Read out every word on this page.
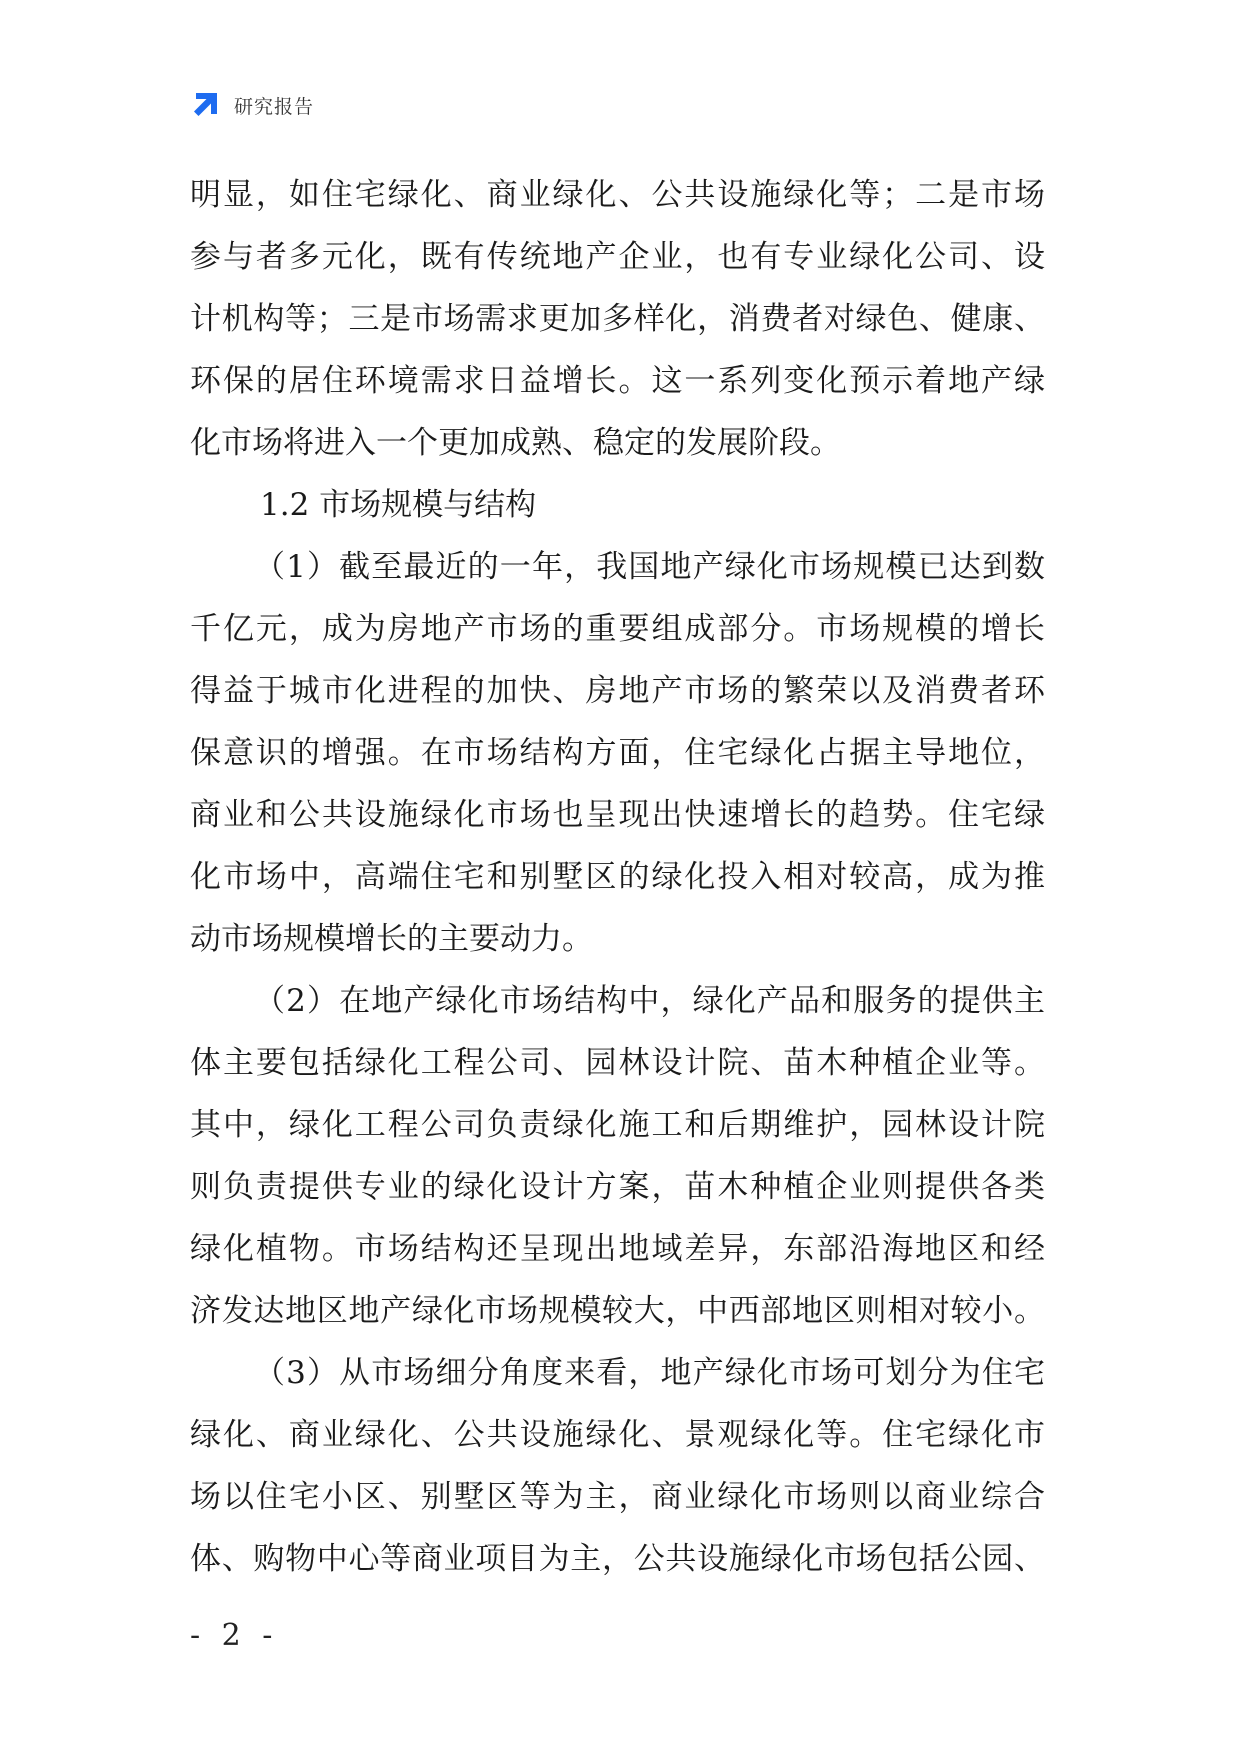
研究报告
明显，如住宅绿化、商业绿化、公共设施绿化等；二是市场
参与者多元化，既有传统地产企业，也有专业绿化公司、设
计机构等；三是市场需求更加多样化，消费者对绿色、健康、
环保的居住环境需求日益增长。这一系列变化预示着地产绿
化市场将进入一个更加成熟、稳定的发展阶段。
1.2 市场规模与结构
（1）截至最近的一年，我国地产绿化市场规模已达到数
千亿元，成为房地产市场的重要组成部分。市场规模的增长
得益于城市化进程的加快、房地产市场的繁荣以及消费者环
保意识的增强。在市场结构方面，住宅绿化占据主导地位，
商业和公共设施绿化市场也呈现出快速增长的趋势。住宅绿
化市场中，高端住宅和别墅区的绿化投入相对较高，成为推
动市场规模增长的主要动力。
（2）在地产绿化市场结构中，绿化产品和服务的提供主
体主要包括绿化工程公司、园林设计院、苗木种植企业等。
其中，绿化工程公司负责绿化施工和后期维护，园林设计院
则负责提供专业的绿化设计方案，苗木种植企业则提供各类
绿化植物。市场结构还呈现出地域差异，东部沿海地区和经
济发达地区地产绿化市场规模较大，中西部地区则相对较小。
（3）从市场细分角度来看，地产绿化市场可划分为住宅
绿化、商业绿化、公共设施绿化、景观绿化等。住宅绿化市
场以住宅小区、别墅区等为主，商业绿化市场则以商业综合
体、购物中心等商业项目为主，公共设施绿化市场包括公园、
- 2 -
